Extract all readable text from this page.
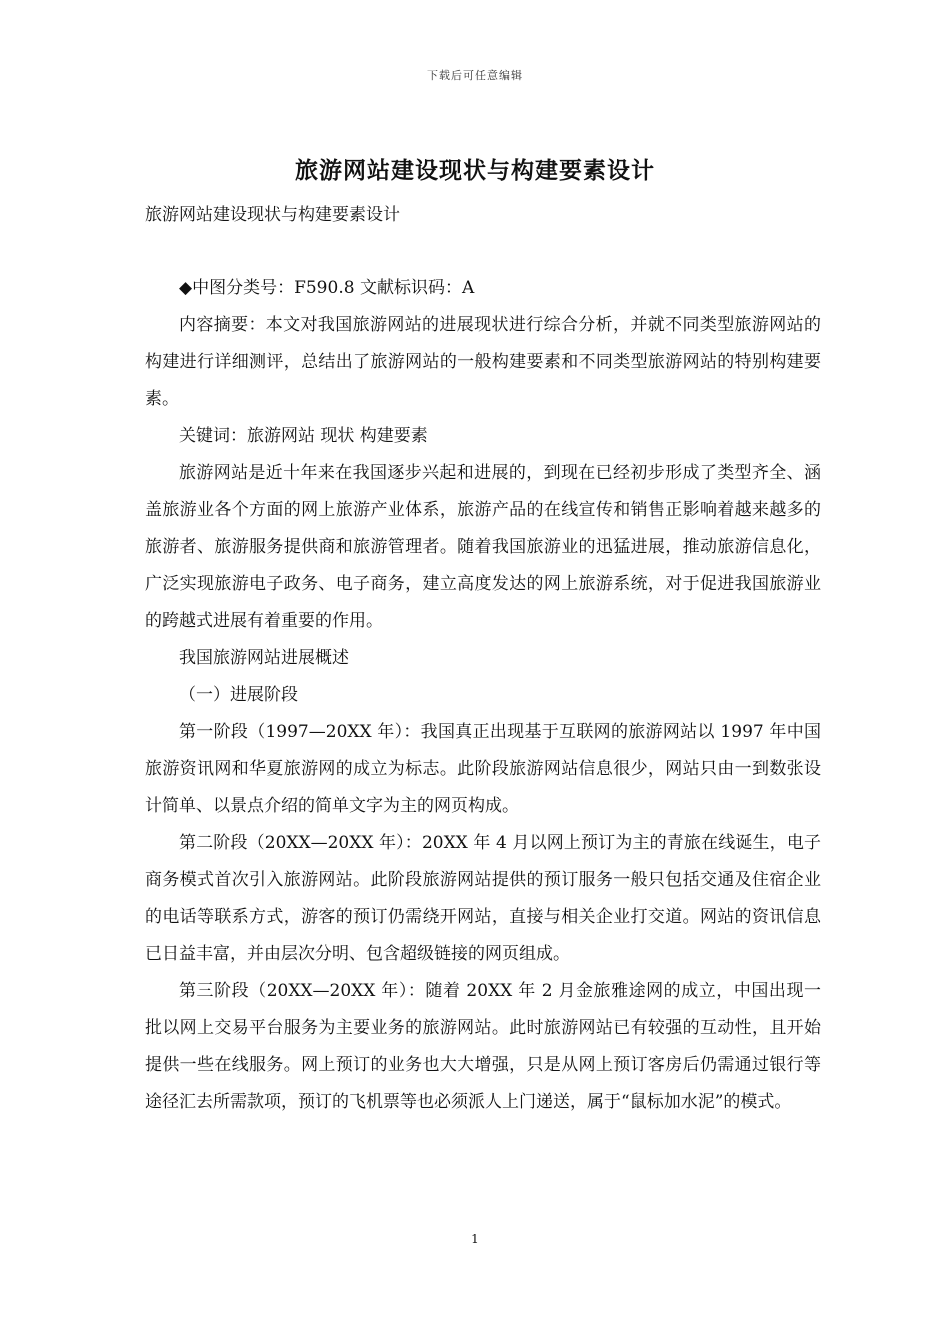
下载后可任意编辑
旅游网站建设现状与构建要素设计

旅游网站建设现状与构建要素设计

◆中图分类号：F590.8 文献标识码：A

内容摘要：本文对我国旅游网站的进展现状进行综合分析，并就不同类型旅游网站的构建进行详细测评，总结出了旅游网站的一般构建要素和不同类型旅游网站的特别构建要素。

关键词：旅游网站 现状 构建要素

旅游网站是近十年来在我国逐步兴起和进展的，到现在已经初步形成了类型齐全、涵盖旅游业各个方面的网上旅游产业体系，旅游产品的在线宣传和销售正影响着越来越多的旅游者、旅游服务提供商和旅游管理者。随着我国旅游业的迅猛进展，推动旅游信息化，广泛实现旅游电子政务、电子商务，建立高度发达的网上旅游系统，对于促进我国旅游业的跨越式进展有着重要的作用。

我国旅游网站进展概述

（一）进展阶段

第一阶段（1997—20XX 年）：我国真正出现基于互联网的旅游网站以 1997 年中国旅游资讯网和华夏旅游网的成立为标志。此阶段旅游网站信息很少，网站只由一到数张设计简单、以景点介绍的简单文字为主的网页构成。

第二阶段（20XX—20XX 年）：20XX 年 4 月以网上预订为主的青旅在线诞生，电子商务模式首次引入旅游网站。此阶段旅游网站提供的预订服务一般只包括交通及住宿企业的电话等联系方式，游客的预订仍需绕开网站，直接与相关企业打交道。网站的资讯信息已日益丰富，并由层次分明、包含超级链接的网页组成。

第三阶段（20XX—20XX 年）：随着 20XX 年 2 月金旅雅途网的成立，中国出现一批以网上交易平台服务为主要业务的旅游网站。此时旅游网站已有较强的互动性，且开始提供一些在线服务。网上预订的业务也大大增强，只是从网上预订客房后仍需通过银行等途径汇去所需款项，预订的飞机票等也必须派人上门递送，属于“鼠标加水泥”的模式。

1
